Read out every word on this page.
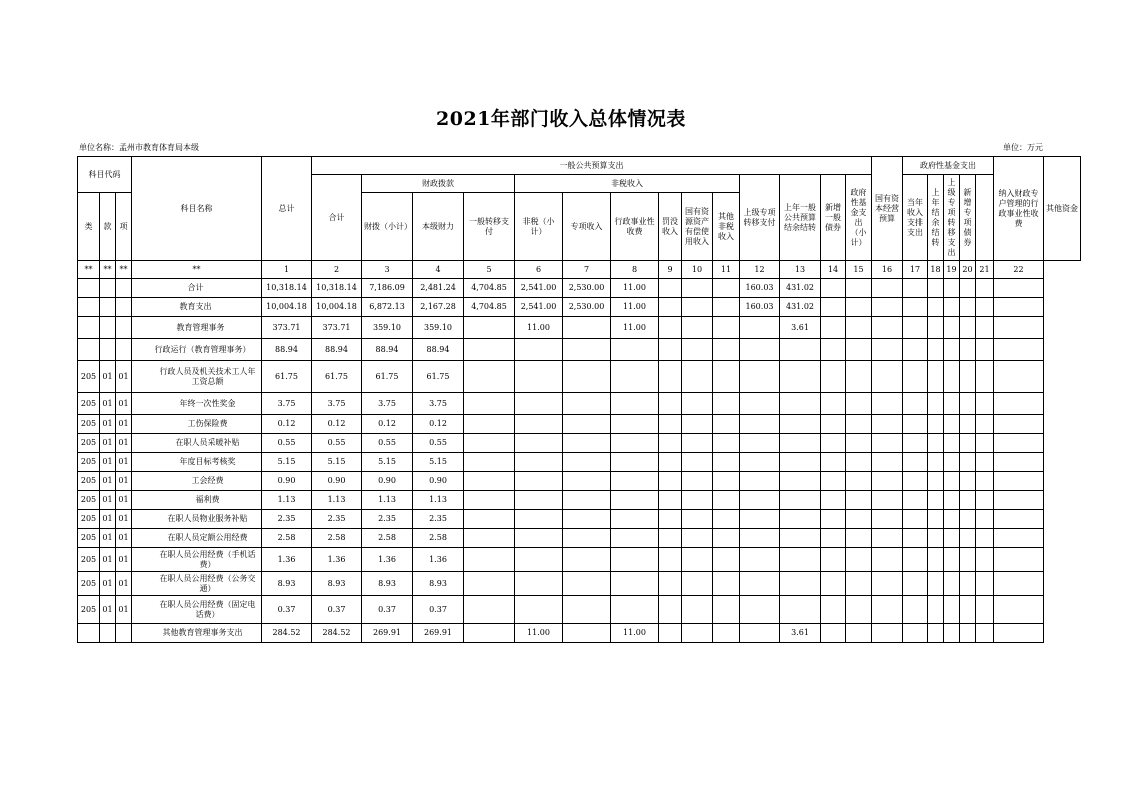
2021年部门收入总体情况表
单位名称：孟州市教育体育局本级	单位：万元
科目代码			科目名称	总计	一般公共预算支出														国有资本经营预算	政府性基金支出					纳入财政专户管理的行政事业性收费	其他资金
					合计	财政拨款			非税收入						上级专项转移支付	上年一般公共预算结余结转	新增一般债券	政府性基金支出（小计）		当年收入支排支出	上年结余结转	上级专项转移支出	新增专项债券			
类	款	项				财拨（小计）	本级财力	一般转移支付	非税（小计）	专项收入	行政事业性收费	罚没收入	国有资源资产有偿使用收入	其他非税收入												

**	**	**	**	1	2	3	4	5	6	7	8	9	10	11	12	13	14	15	16	17	18	19	20	21	22	
			合计	10,318.14	10,318.14	7,186.09	2,481.24	4,704.85	2,541.00	2,530.00	11.00				160.03	431.02										
			教育支出	10,004.18	10,004.18	6,872.13	2,167.28	4,704.85	2,541.00	2,530.00	11.00				160.03	431.02										
			教育管理事务	373.71	373.71	359.10	359.10		11.00		11.00					3.61										
			行政运行（教育管理事务）	88.94	88.94	88.94	88.94																			
205	01	01	行政人员及机关技术工人年工资总额	61.75	61.75	61.75	61.75																			
205	01	01	年终一次性奖金	3.75	3.75	3.75	3.75																			
205	01	01	工伤保险费	0.12	0.12	0.12	0.12																			
205	01	01	在职人员采暖补贴	0.55	0.55	0.55	0.55																			
205	01	01	年度目标考核奖	5.15	5.15	5.15	5.15																			
205	01	01	工会经费	0.90	0.90	0.90	0.90																			
205	01	01	福利费	1.13	1.13	1.13	1.13																			
205	01	01	在职人员物业服务补贴	2.35	2.35	2.35	2.35																			
205	01	01	在职人员定额公用经费	2.58	2.58	2.58	2.58																			
205	01	01	在职人员公用经费（手机话费）	1.36	1.36	1.36	1.36																			
205	01	01	在职人员公用经费（公务交通）	8.93	8.93	8.93	8.93																			
205	01	01	在职人员公用经费（固定电话费）	0.37	0.37	0.37	0.37																			
			其他教育管理事务支出	284.52	284.52	269.91	269.91		11.00		11.00					3.61										
